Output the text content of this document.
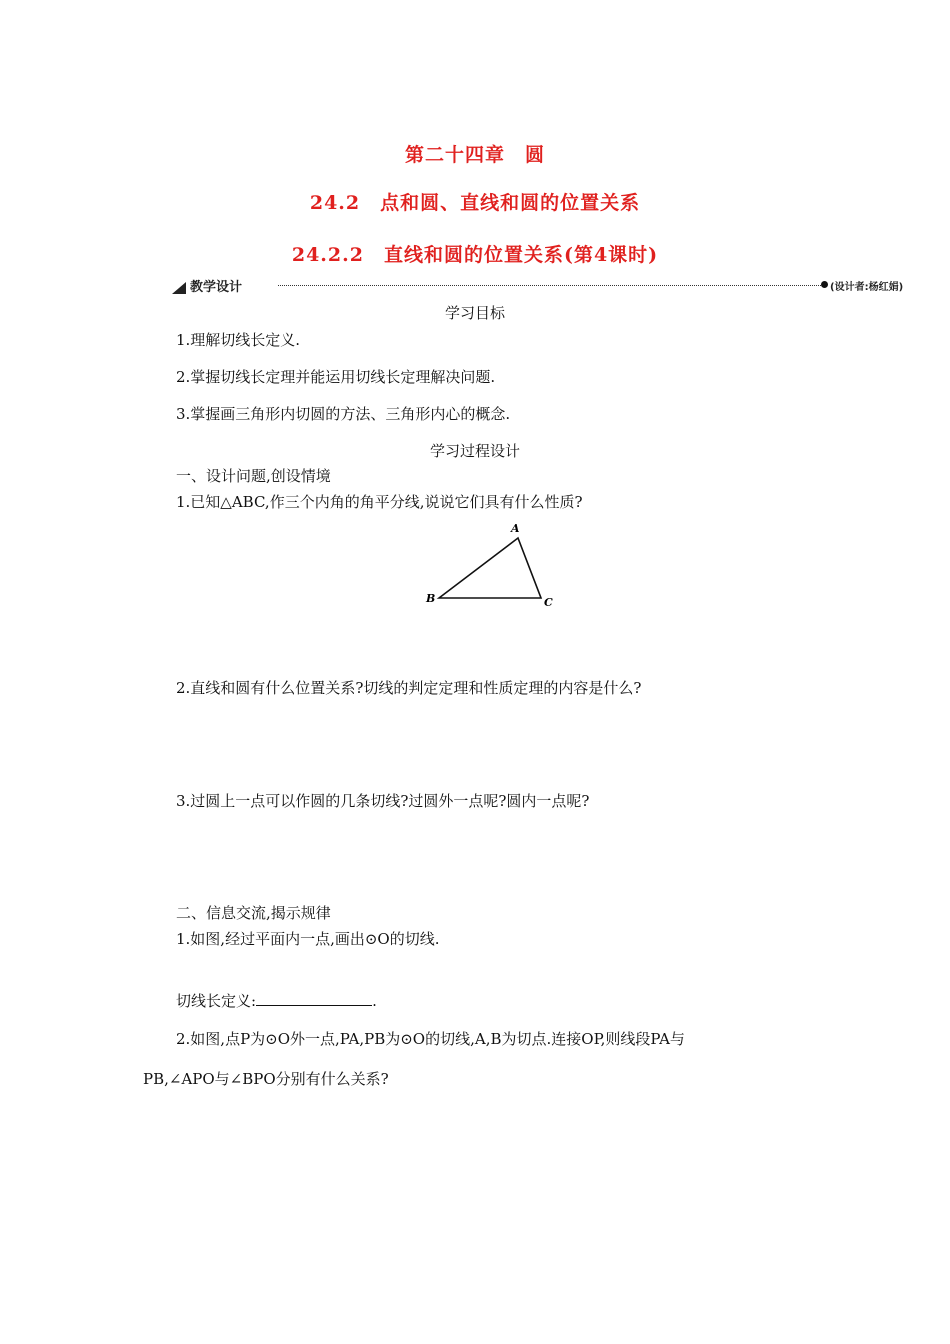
第二十四章　圆
24.2　点和圆、直线和圆的位置关系
24.2.2　直线和圆的位置关系(第4课时)
教学设计	(设计者:杨红娟)
学习目标
1.理解切线长定义.
2.掌握切线长定理并能运用切线长定理解决问题.
3.掌握画三角形内切圆的方法、三角形内心的概念.
学习过程设计
一、设计问题,创设情境
1.已知△ABC,作三个内角的角平分线,说说它们具有什么性质?
A
B	C
2.直线和圆有什么位置关系?切线的判定定理和性质定理的内容是什么?
3.过圆上一点可以作圆的几条切线?过圆外一点呢?圆内一点呢?
二、信息交流,揭示规律
1.如图,经过平面内一点,画出⊙O的切线.
切线长定义:	.
2.如图,点P为⊙O外一点,PA,PB为⊙O的切线,A,B为切点.连接OP,则线段PA与
PB,∠APO与∠BPO分别有什么关系?
